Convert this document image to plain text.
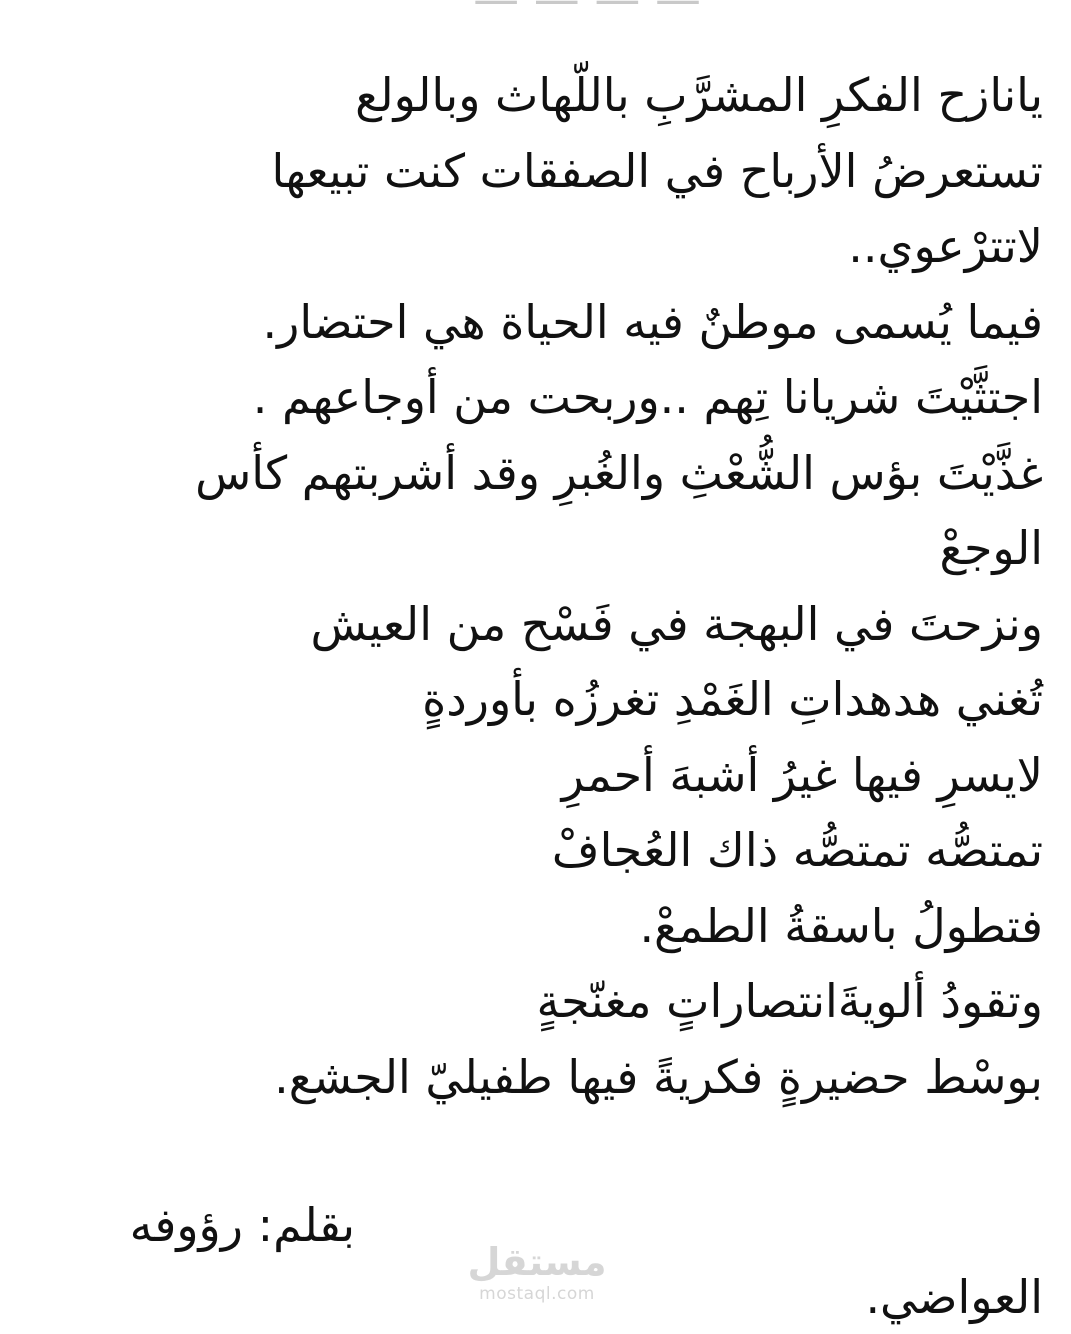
يانازح الفكرِ المشرَّبِ باللّهاث وبالولع
تستعرضُ الأرباح في الصفقات كنت تبيعها
لاتترْعوي..
فيما يُسمى موطنٌ فيه الحياة هي احتضار.
اجتثَّيْتَ شريانا تِهم ..وربحت من أوجاعهم .
غذَّيْتَ بؤس الشُّعْثِ والغُبرِ وقد أشربتهم كأس
الوجعْ
ونزحتَ في البهجة في فَسْح من العيش
تُغني هدهداتِ الغَمْدِ تغرزُه بأوردةٍ
لايسرِ فيها غيرُ أشبهَ أحمرِ
تمتصُّه تمتصُّه ذاك العُجافْ
فتطولُ باسقةُ الطمعْ.
وتقودُ ألويةَانتصاراتٍ مغنّجةٍ
بوسْط حضيرةٍ فكريةً فيها طفيليّ الجشع.
بقلم: رؤوفه
العواضي.
مستقل
mostaql.com
